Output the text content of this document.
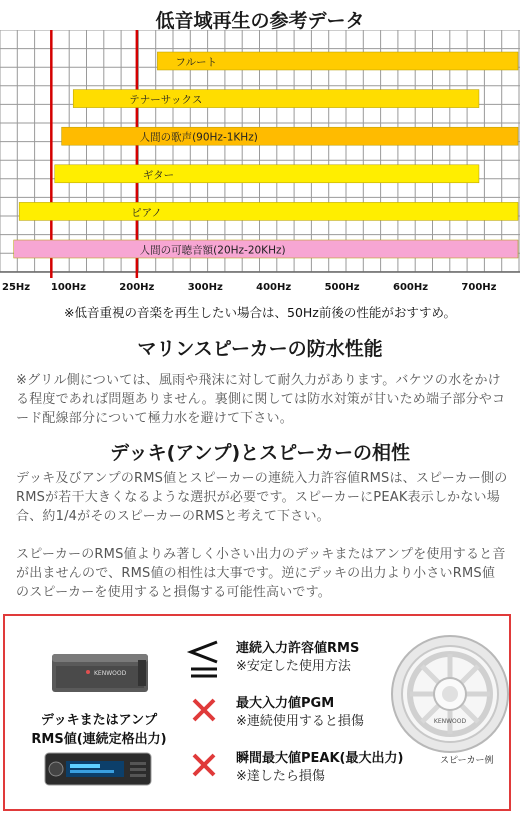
低音域再生の参考データ
フルート
テナーサックス
人間の歌声(90Hz-1KHz)
ギター
ピアノ
人間の可聴音額(20Hz-20KHz)
25Hz 100Hz	200Hz	300Hz	400Hz	500Hz	600Hz	700Hz
※低音重視の音楽を再生したい場合は、50Hz前後の性能がおすすめ。
マリンスピーカーの防水性能

※グリル側については、風雨や飛沫に対して耐久力があります。バケツの水をかける程度であれば問題ありません。裏側に関しては防水対策が甘いため端子部分やコード配線部分について極力水を避けて下さい。

デッキ(アンプ)とスピーカーの相性

デッキ及びアンプのRMS値とスピーカーの連続入力許容値RMSは、スピーカー側のRMSが若干大きくなるような選択が必要です。スピーカーにPEAK表示しかない場合、約1/4がそのスピーカーのRMSと考えて下さい。

スピーカーのRMS値よりみ著しく小さい出力のデッキまたはアンプを使用すると音が出ませんので、RMS値の相性は大事です。逆にデッキの出力より小さいRMS値のスピーカーを使用すると損傷する可能性高いです。

KENWOOD
デッキまたはアンプ
RMS値(連続定格出力)
連続入力許容値RMS
※安定した使用方法
最大入力値PGM
※連続使用すると損傷
瞬間最大値PEAK(最大出力)
※達したら損傷
KENWOOD
スピーカー例
